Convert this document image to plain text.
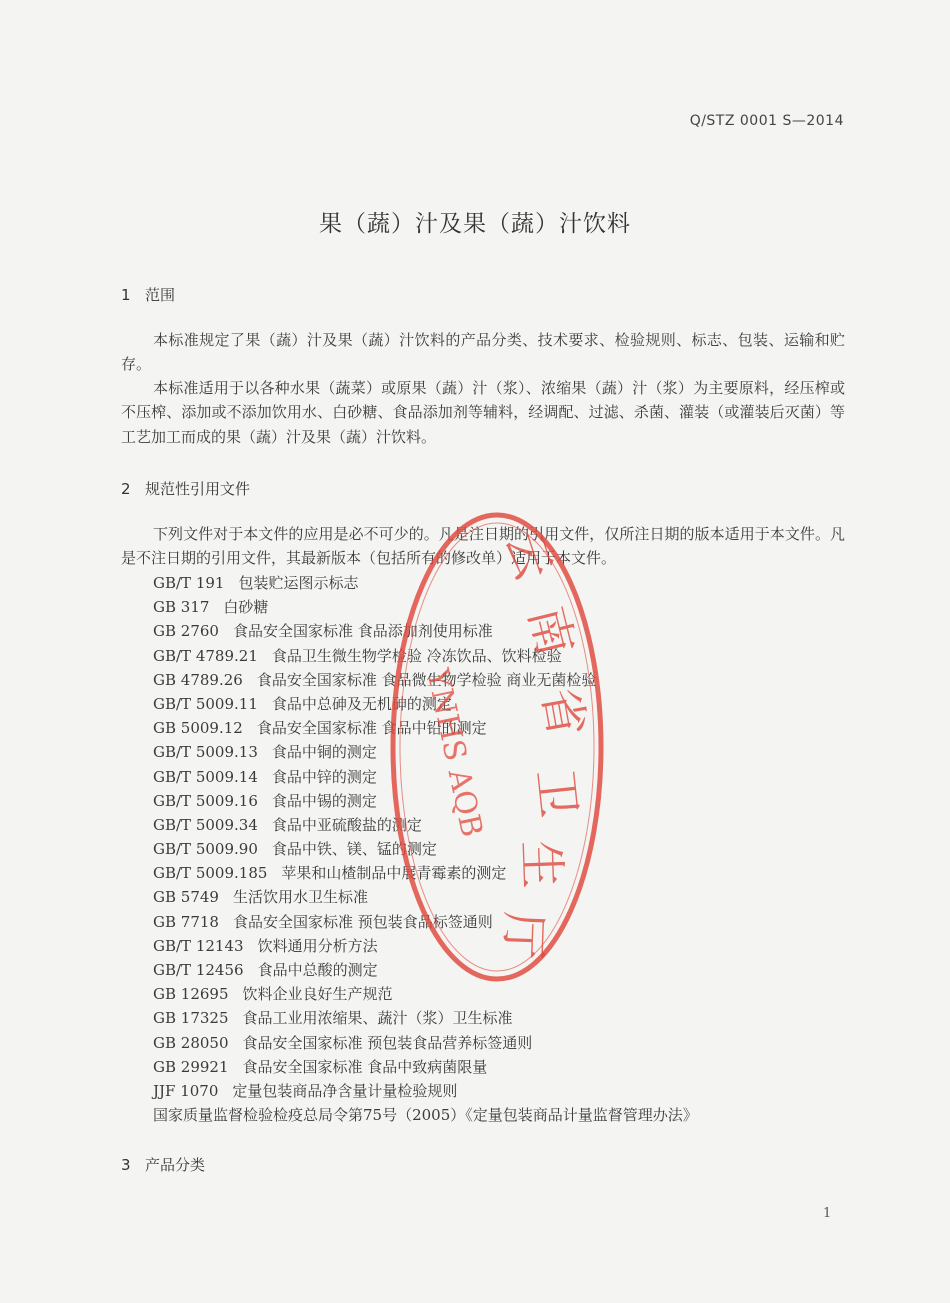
Q/STZ 0001 S—2014
果（蔬）汁及果（蔬）汁饮料
1 范围
本标准规定了果（蔬）汁及果（蔬）汁饮料的产品分类、技术要求、检验规则、标志、包装、运输和贮存。
本标准适用于以各种水果（蔬菜）或原果（蔬）汁（浆）、浓缩果（蔬）汁（浆）为主要原料，经压榨或不压榨、添加或不添加饮用水、白砂糖、食品添加剂等辅料，经调配、过滤、杀菌、灌装（或灌装后灭菌）等工艺加工而成的果（蔬）汁及果（蔬）汁饮料。
2 规范性引用文件
下列文件对于本文件的应用是必不可少的。凡是注日期的引用文件，仅所注日期的版本适用于本文件。凡是不注日期的引用文件，其最新版本（包括所有的修改单）适用于本文件。
GB/T 191 包装贮运图示标志
GB 317 白砂糖
GB 2760 食品安全国家标准 食品添加剂使用标准
GB/T 4789.21 食品卫生微生物学检验 冷冻饮品、饮料检验
GB 4789.26 食品安全国家标准 食品微生物学检验 商业无菌检验
GB/T 5009.11 食品中总砷及无机砷的测定
GB 5009.12 食品安全国家标准 食品中铅的测定
GB/T 5009.13 食品中铜的测定
GB/T 5009.14 食品中锌的测定
GB/T 5009.16 食品中锡的测定
GB/T 5009.34 食品中亚硫酸盐的测定
GB/T 5009.90 食品中铁、镁、锰的测定
GB/T 5009.185 苹果和山楂制品中展青霉素的测定
GB 5749 生活饮用水卫生标准
GB 7718 食品安全国家标准 预包装食品标签通则
GB/T 12143 饮料通用分析方法
GB/T 12456 食品中总酸的测定
GB 12695 饮料企业良好生产规范
GB 17325 食品工业用浓缩果、蔬汁（浆）卫生标准
GB 28050 食品安全国家标准 预包装食品营养标签通则
GB 29921 食品安全国家标准 食品中致病菌限量
JJF 1070 定量包装商品净含量计量检验规则
国家质量监督检验检疫总局令第75号（2005）《定量包装商品计量监督管理办法》
3 产品分类
1
云
南
省
卫
生
厅
YNHS AQB
